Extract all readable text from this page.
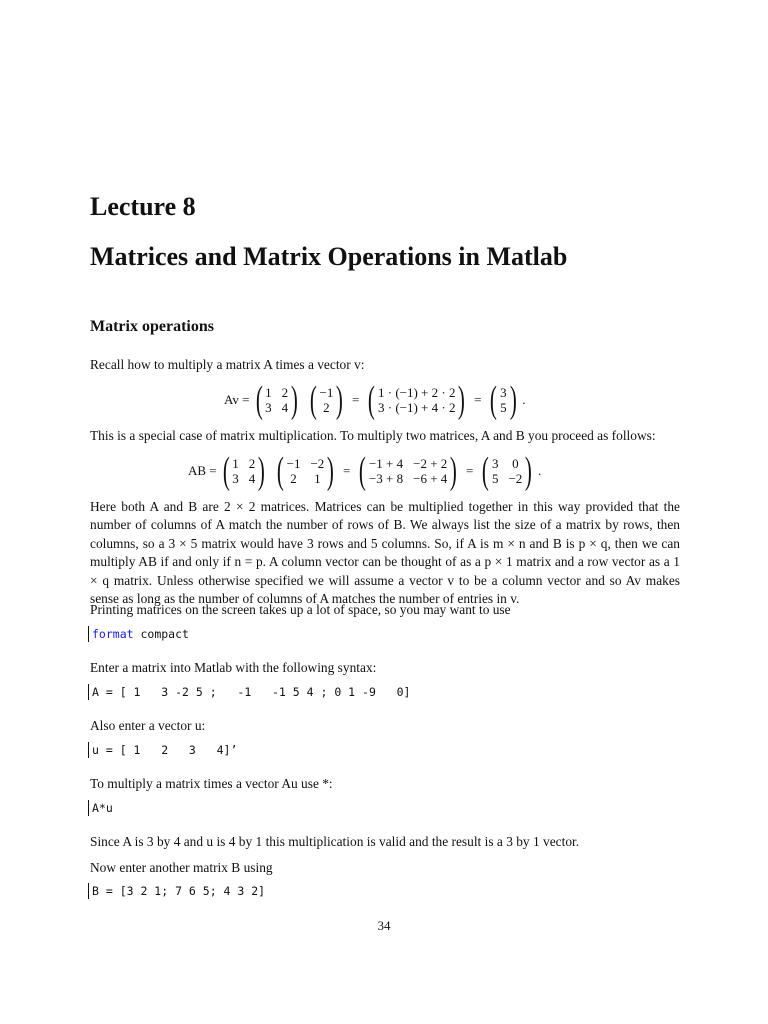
Lecture 8
Matrices and Matrix Operations in Matlab
Matrix operations

Recall how to multiply a matrix A times a vector v:

Av = ( 1 2
3 4 ) ( −1
2 ) = ( 1 · (−1) + 2 · 2
3 · (−1) + 4 · 2 ) = ( 3
5 ) .

This is a special case of matrix multiplication. To multiply two matrices, A and B you proceed as follows:

AB = ( 1 2
3 4 ) ( −1 −2
2 1 ) = ( −1 + 4 −2 + 2
−3 + 8 −6 + 4 ) = ( 3 0
5 −2 ) .

Here both A and B are 2 × 2 matrices. Matrices can be multiplied together in this way provided that the number of columns of A match the number of rows of B. We always list the size of a matrix by rows, then columns, so a 3 × 5 matrix would have 3 rows and 5 columns. So, if A is m × n and B is p × q, then we can multiply AB if and only if n = p. A column vector can be thought of as a p × 1 matrix and a row vector as a 1 × q matrix. Unless otherwise specified we will assume a vector v to be a column vector and so Av makes sense as long as the number of columns of A matches the number of entries in v.

Printing matrices on the screen takes up a lot of space, so you may want to use

format compact

Enter a matrix into Matlab with the following syntax:

A = [ 1   3 -2 5 ;   -1   -1 5 4 ; 0 1 -9   0]

Also enter a vector u:

u = [ 1   2   3   4]’

To multiply a matrix times a vector Au use *:

A*u

Since A is 3 by 4 and u is 4 by 1 this multiplication is valid and the result is a 3 by 1 vector.

Now enter another matrix B using

B = [3 2 1; 7 6 5; 4 3 2]
34
